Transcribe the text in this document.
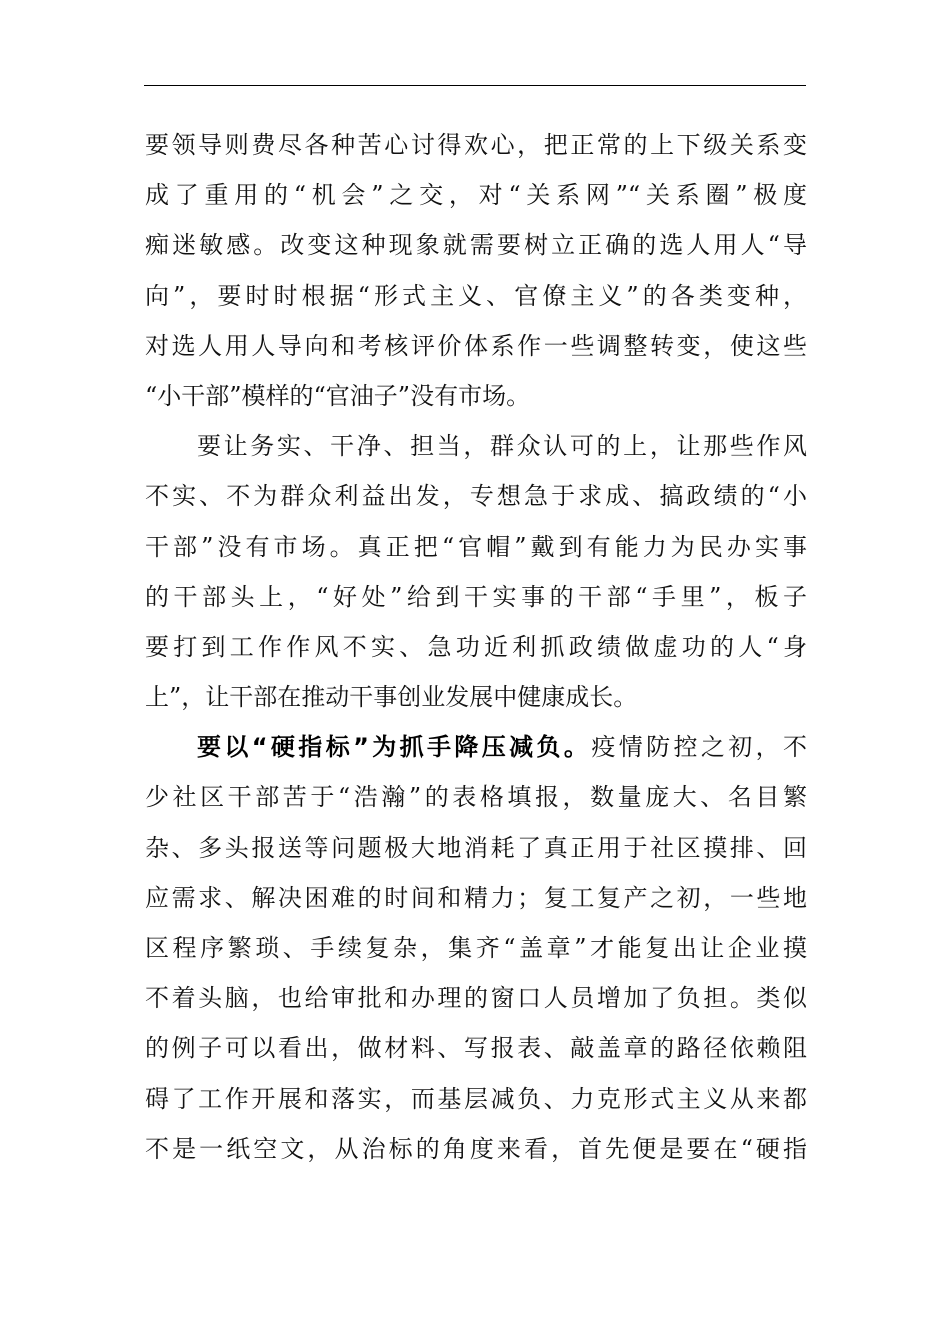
要领导则费尽各种苦心讨得欢心，把正常的上下级关系变
成了重用的“机会”之交，对“关系网”“关系圈”极度
痴迷敏感。改变这种现象就需要树立正确的选人用人“导
向”，要时时根据“形式主义、官僚主义”的各类变种，
对选人用人导向和考核评价体系作一些调整转变，使这些
“小干部”模样的“官油子”没有市场。
要让务实、干净、担当，群众认可的上，让那些作风
不实、不为群众利益出发，专想急于求成、搞政绩的“小
干部”没有市场。真正把“官帽”戴到有能力为民办实事
的干部头上，“好处”给到干实事的干部“手里”，板子
要打到工作作风不实、急功近利抓政绩做虚功的人“身
上”，让干部在推动干事创业发展中健康成长。
要以“硬指标”为抓手降压减负。疫情防控之初，不
少社区干部苦于“浩瀚”的表格填报，数量庞大、名目繁
杂、多头报送等问题极大地消耗了真正用于社区摸排、回
应需求、解决困难的时间和精力；复工复产之初，一些地
区程序繁琐、手续复杂，集齐“盖章”才能复出让企业摸
不着头脑，也给审批和办理的窗口人员增加了负担。类似
的例子可以看出，做材料、写报表、敲盖章的路径依赖阻
碍了工作开展和落实，而基层减负、力克形式主义从来都
不是一纸空文，从治标的角度来看，首先便是要在“硬指
